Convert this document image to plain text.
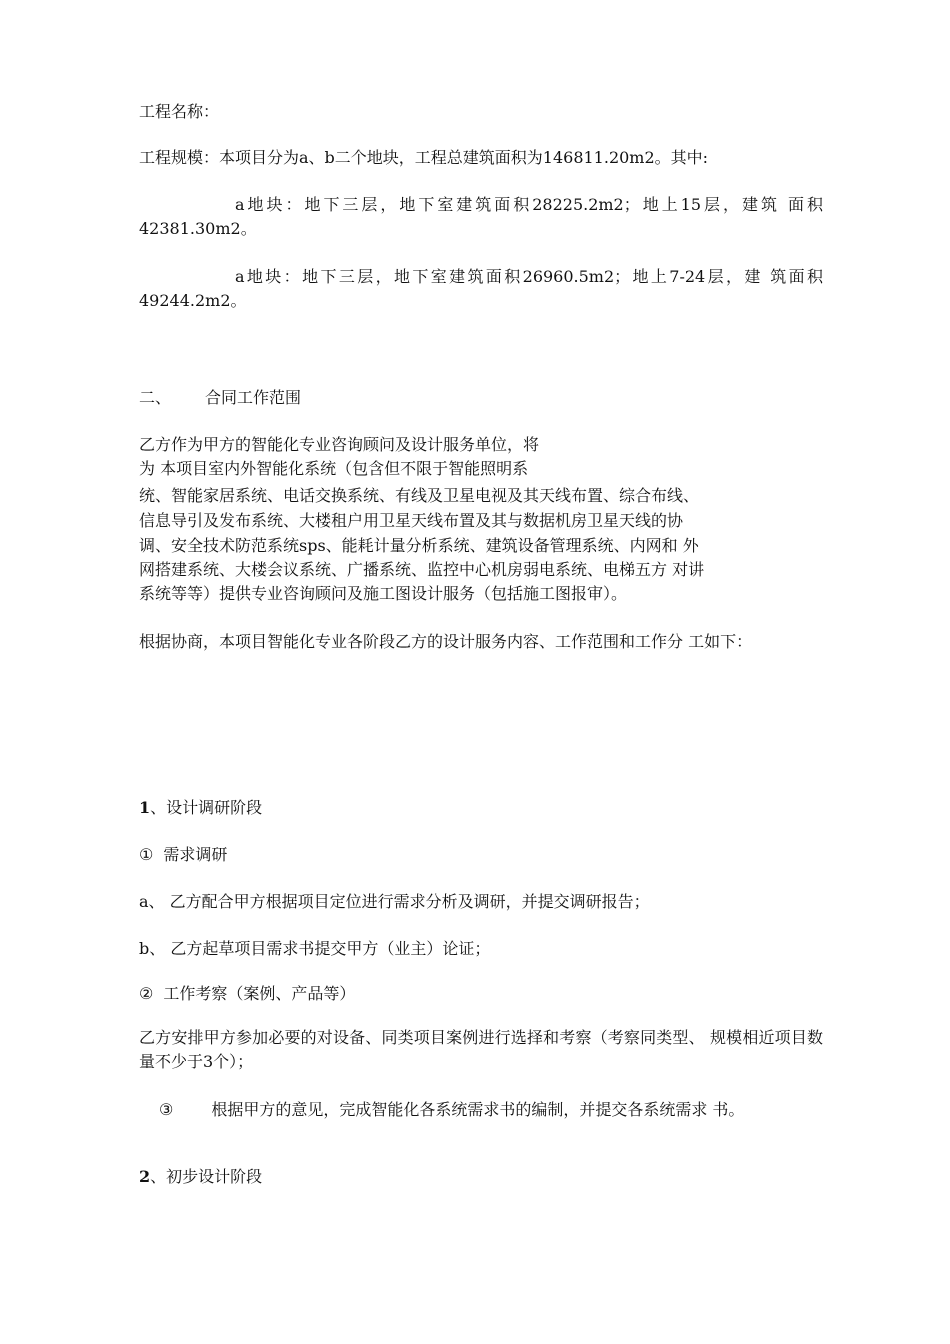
工程名称：

工程规模：本项目分为a、b二个地块，工程总建筑面积为146811.20m2。其中:

a地块：地下三层，地下室建筑面积28225.2m2；地上15层，建筑 面积 42381.30m2。

a地块：地下三层，地下室建筑面积26960.5m2；地上7-24层，建 筑面积 49244.2m2。

二、 合同工作范围

乙方作为甲方的智能化专业咨询顾问及设计服务单位，将

为 本项目室内外智能化系统（包含但不限于智能照明系

统、智能家居系统、电话交换系统、有线及卫星电视及其天线布置、综合布线、

信息导引及发布系统、大楼租户用卫星天线布置及其与数据机房卫星天线的协

调、安全技术防范系统sps、能耗计量分析系统、建筑设备管理系统、内网和 外

网搭建系统、大楼会议系统、广播系统、监控中心机房弱电系统、电梯五方 对讲

系统等等）提供专业咨询顾问及施工图设计服务（包括施工图报审）。

根据协商，本项目智能化专业各阶段乙方的设计服务内容、工作范围和工作分 工如下：

1、设计调研阶段

① 需求调研

a、 乙方配合甲方根据项目定位进行需求分析及调研，并提交调研报告；

b、 乙方起草项目需求书提交甲方（业主）论证；

② 工作考察（案例、产品等）

乙方安排甲方参加必要的对设备、同类项目案例进行选择和考察（考察同类型、 规模相近项目数量不少于3个）；

③ 根据甲方的意见，完成智能化各系统需求书的编制，并提交各系统需求 书。

2、初步设计阶段
